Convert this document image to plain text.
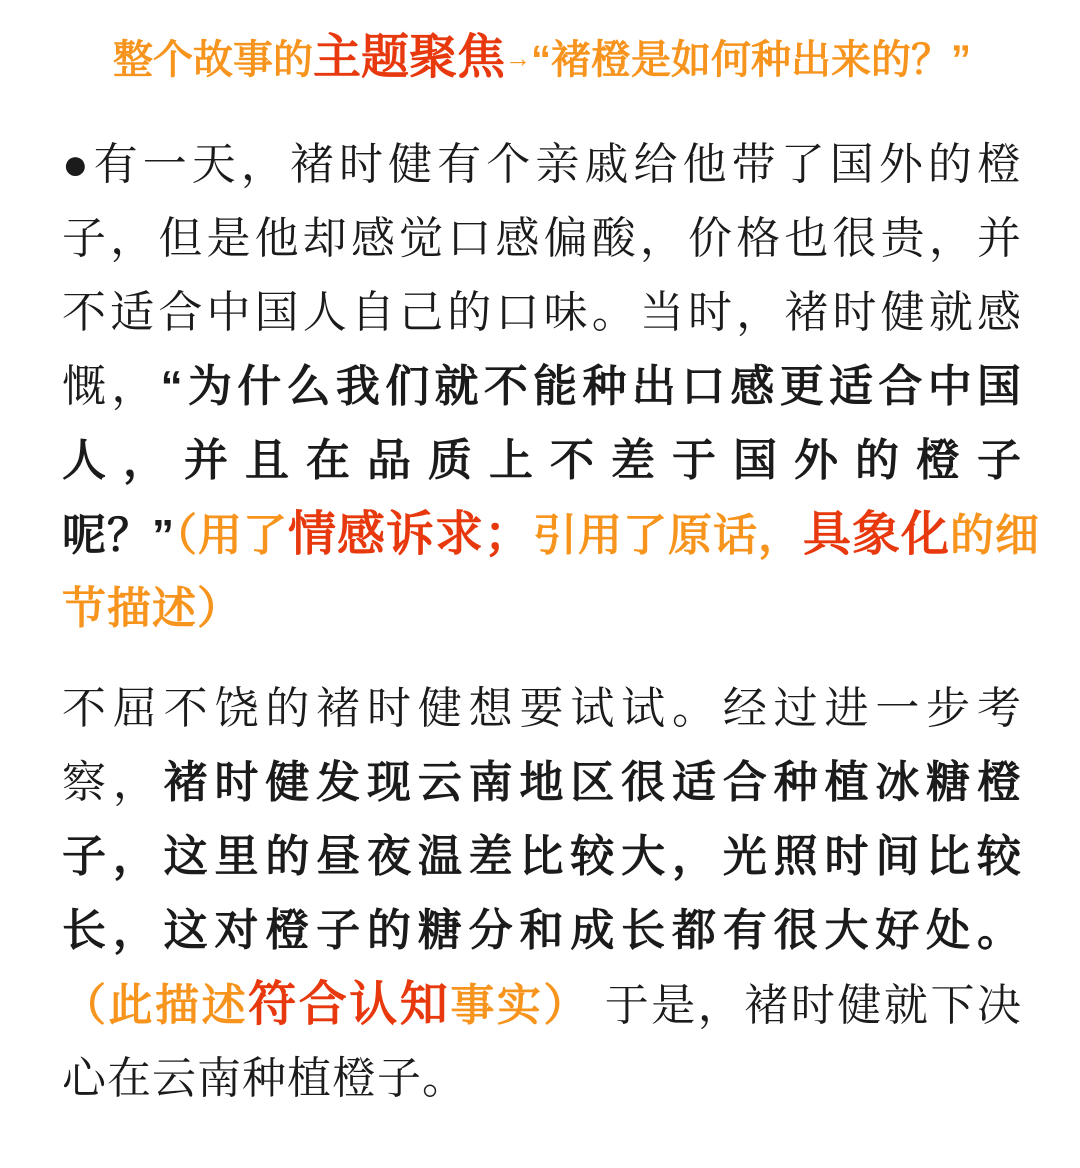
整个故事的主题聚焦→“褚橙是如何种出来的？”
●有一天，褚时健有个亲戚给他带了国外的橙
子，但是他却感觉口感偏酸，价格也很贵，并
不适合中国人自己的口味。当时，褚时健就感
慨，“为什么我们就不能种出口感更适合中国
人，并且在品质上不差于国外的橙子
呢？”（用了情感诉求；引用了原话，具象化的细
节描述）
不屈不饶的褚时健想要试试。经过进一步考
察，褚时健发现云南地区很适合种植冰糖橙
子，这里的昼夜温差比较大，光照时间比较
长，这对橙子的糖分和成长都有很大好处。
（此描述符合认知事实） 于是，褚时健就下决
心在云南种植橙子。
